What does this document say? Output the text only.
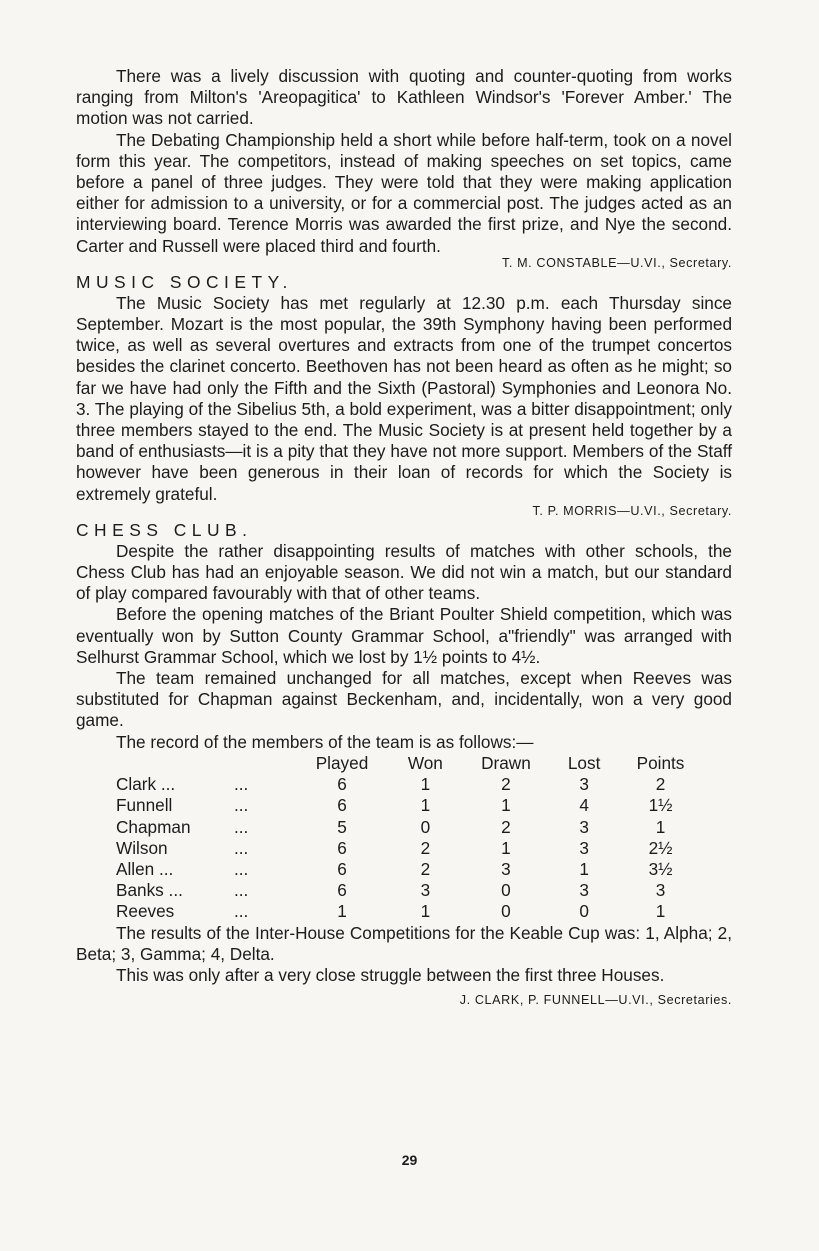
There was a lively discussion with quoting and counter-quoting from works ranging from Milton's 'Areopagitica' to Kathleen Windsor's 'Forever Amber.' The motion was not carried.

The Debating Championship held a short while before half-term, took on a novel form this year. The competitors, instead of making speeches on set topics, came before a panel of three judges. They were told that they were making application either for admission to a university, or for a commercial post. The judges acted as an interviewing board. Terence Morris was awarded the first prize, and Nye the second. Carter and Russell were placed third and fourth.

T. M. CONSTABLE—U.VI., Secretary.
MUSIC SOCIETY.

The Music Society has met regularly at 12.30 p.m. each Thursday since September. Mozart is the most popular, the 39th Symphony having been performed twice, as well as several overtures and extracts from one of the trumpet concertos besides the clarinet concerto. Beethoven has not been heard as often as he might; so far we have had only the Fifth and the Sixth (Pastoral) Symphonies and Leonora No. 3. The playing of the Sibelius 5th, a bold experiment, was a bitter disappointment; only three members stayed to the end. The Music Society is at present held together by a band of enthusiasts—it is a pity that they have not more support. Members of the Staff however have been generous in their loan of records for which the Society is extremely grateful.

T. P. MORRIS—U.VI., Secretary.
CHESS CLUB.

Despite the rather disappointing results of matches with other schools, the Chess Club has had an enjoyable season. We did not win a match, but our standard of play compared favourably with that of other teams.

Before the opening matches of the Briant Poulter Shield competition, which was eventually won by Sutton County Grammar School, a"friendly" was arranged with Selhurst Grammar School, which we lost by 1½ points to 4½.

The team remained unchanged for all matches, except when Reeves was substituted for Chapman against Beckenham, and, incidentally, won a very good game.

The record of the members of the team is as follows:—

		Played	Won	Drawn	Lost	Points
Clark ...	...	6	1	2	3	2
Funnell	...	6	1	1	4	1½
Chapman	...	5	0	2	3	1
Wilson	...	6	2	1	3	2½
Allen ...	...	6	2	3	1	3½
Banks ...	...	6	3	0	3	3
Reeves	...	1	1	0	0	1

The results of the Inter-House Competitions for the Keable Cup was: 1, Alpha; 2, Beta; 3, Gamma; 4, Delta.

This was only after a very close struggle between the first three Houses.

J. CLARK, P. FUNNELL—U.VI., Secretaries.
29
